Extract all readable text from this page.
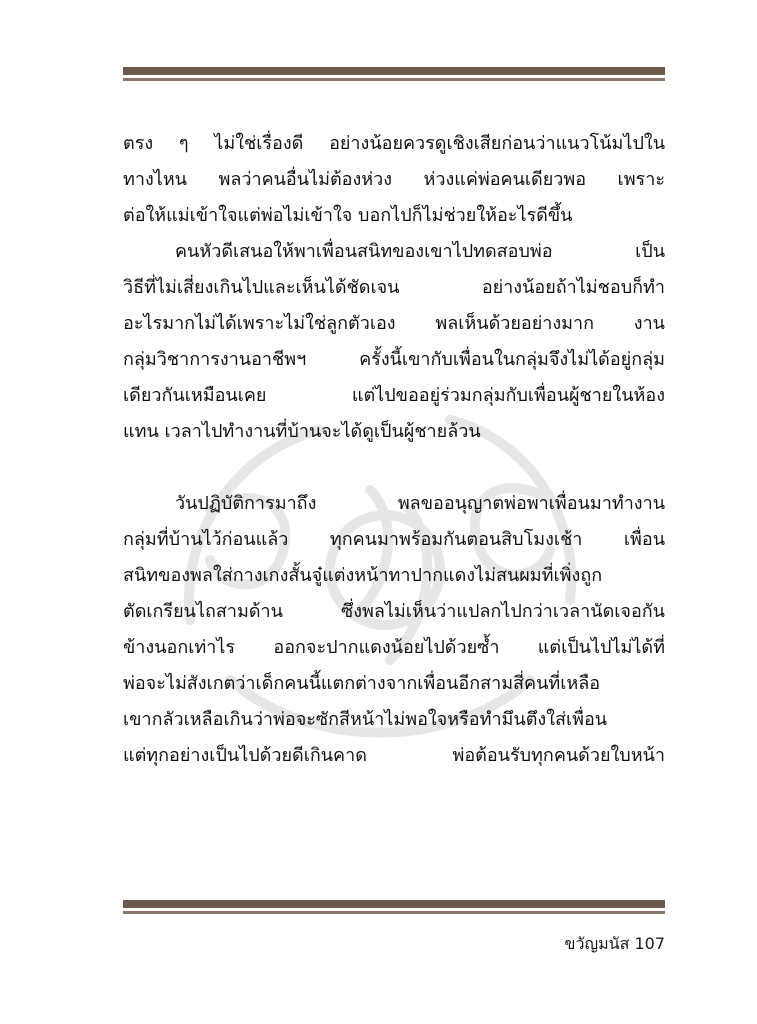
ตรง ๆ ไม่ใช่เรื่องดี อย่างน้อยควรดูเชิงเสียก่อนว่าแนวโน้มไปใน
ทางไหน พลว่าคนอื่นไม่ต้องห่วง ห่วงแค่พ่อคนเดียวพอ เพราะ
ต่อให้แม่เข้าใจแต่พ่อไม่เข้าใจ บอกไปก็ไม่ช่วยให้อะไรดีขึ้น
คนหัวดีเสนอให้พาเพื่อนสนิทของเขาไปทดสอบพ่อ เป็น
วิธีที่ไม่เสี่ยงเกินไปและเห็นได้ชัดเจน อย่างน้อยถ้าไม่ชอบก็ทำ
อะไรมากไม่ได้เพราะไม่ใช่ลูกตัวเอง พลเห็นด้วยอย่างมาก งาน
กลุ่มวิชาการงานอาชีพฯ ครั้งนี้เขากับเพื่อนในกลุ่มจึงไม่ได้อยู่กลุ่ม
เดียวกันเหมือนเคย แต่ไปขออยู่ร่วมกลุ่มกับเพื่อนผู้ชายในห้อง
แทน เวลาไปทำงานที่บ้านจะได้ดูเป็นผู้ชายล้วน
วันปฏิบัติการมาถึง พลขออนุญาตพ่อพาเพื่อนมาทำงาน
กลุ่มที่บ้านไว้ก่อนแล้ว ทุกคนมาพร้อมกันตอนสิบโมงเช้า เพื่อน
สนิทของพลใส่กางเกงสั้นจู๋แต่งหน้าทาปากแดงไม่สนผมที่เพิ่งถูก
ตัดเกรียนไถสามด้าน ซึ่งพลไม่เห็นว่าแปลกไปกว่าเวลานัดเจอกัน
ข้างนอกเท่าไร ออกจะปากแดงน้อยไปด้วยซ้ำ แต่เป็นไปไม่ได้ที่
พ่อจะไม่สังเกตว่าเด็กคนนี้แตกต่างจากเพื่อนอีกสามสี่คนที่เหลือ
เขากลัวเหลือเกินว่าพ่อจะซักสีหน้าไม่พอใจหรือทำมึนตึงใส่เพื่อน
แต่ทุกอย่างเป็นไปด้วยดีเกินคาด พ่อต้อนรับทุกคนด้วยใบหน้า
ขวัญมนัส 107
